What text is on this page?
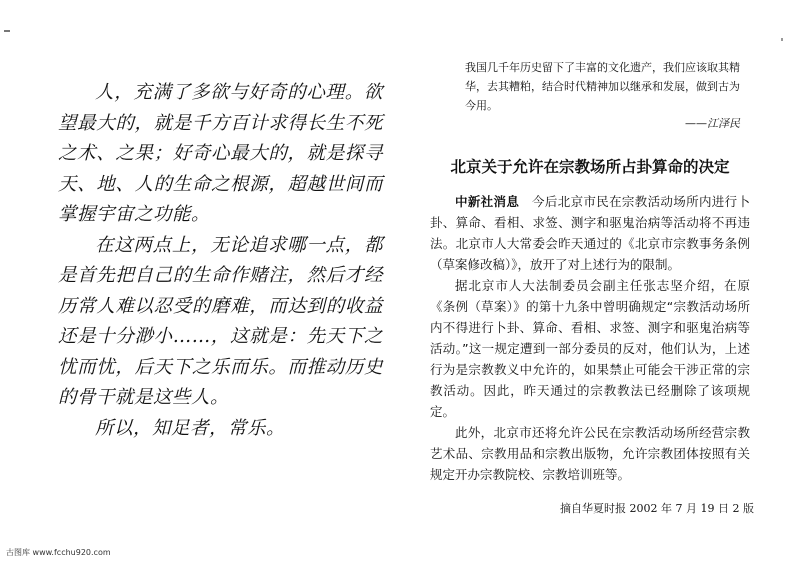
人，充满了多欲与好奇的心理。欲望最大的，就是千方百计求得长生不死之术、之果；好奇心最大的，就是探寻天、地、人的生命之根源，超越世间而掌握宇宙之功能。

在这两点上，无论追求哪一点，都是首先把自己的生命作赌注，然后才经历常人难以忍受的磨难，而达到的收益还是十分渺小……，这就是：先天下之忧而忧，后天下之乐而乐。而推动历史的骨干就是这些人。

所以，知足者，常乐。

我国几千年历史留下了丰富的文化遗产，我们应该取其精华，去其糟粕，结合时代精神加以继承和发展，做到古为今用。
——江泽民
北京关于允许在宗教场所占卦算命的决定

中新社消息　 今后北京市民在宗教活动场所内进行卜卦、算命、看相、求签、测字和驱鬼治病等活动将不再违法。北京市人大常委会昨天通过的《北京市宗教事务条例（草案修改稿）》，放开了对上述行为的限制。

据北京市人大法制委员会副主任张志坚介绍，在原《条例（草案）》的第十九条中曾明确规定“宗教活动场所内不得进行卜卦、算命、看相、求签、测字和驱鬼治病等活动。”这一规定遭到一部分委员的反对，他们认为，上述行为是宗教教义中允许的，如果禁止可能会干涉正常的宗教活动。因此，昨天通过的宗教教法已经删除了该项规定。

此外，北京市还将允许公民在宗教活动场所经营宗教艺术品、宗教用品和宗教出版物，允许宗教团体按照有关规定开办宗教院校、宗教培训班等。

摘自华夏时报 2002 年 7 月 19 日 2 版
古图库 www.fcchu920.com
